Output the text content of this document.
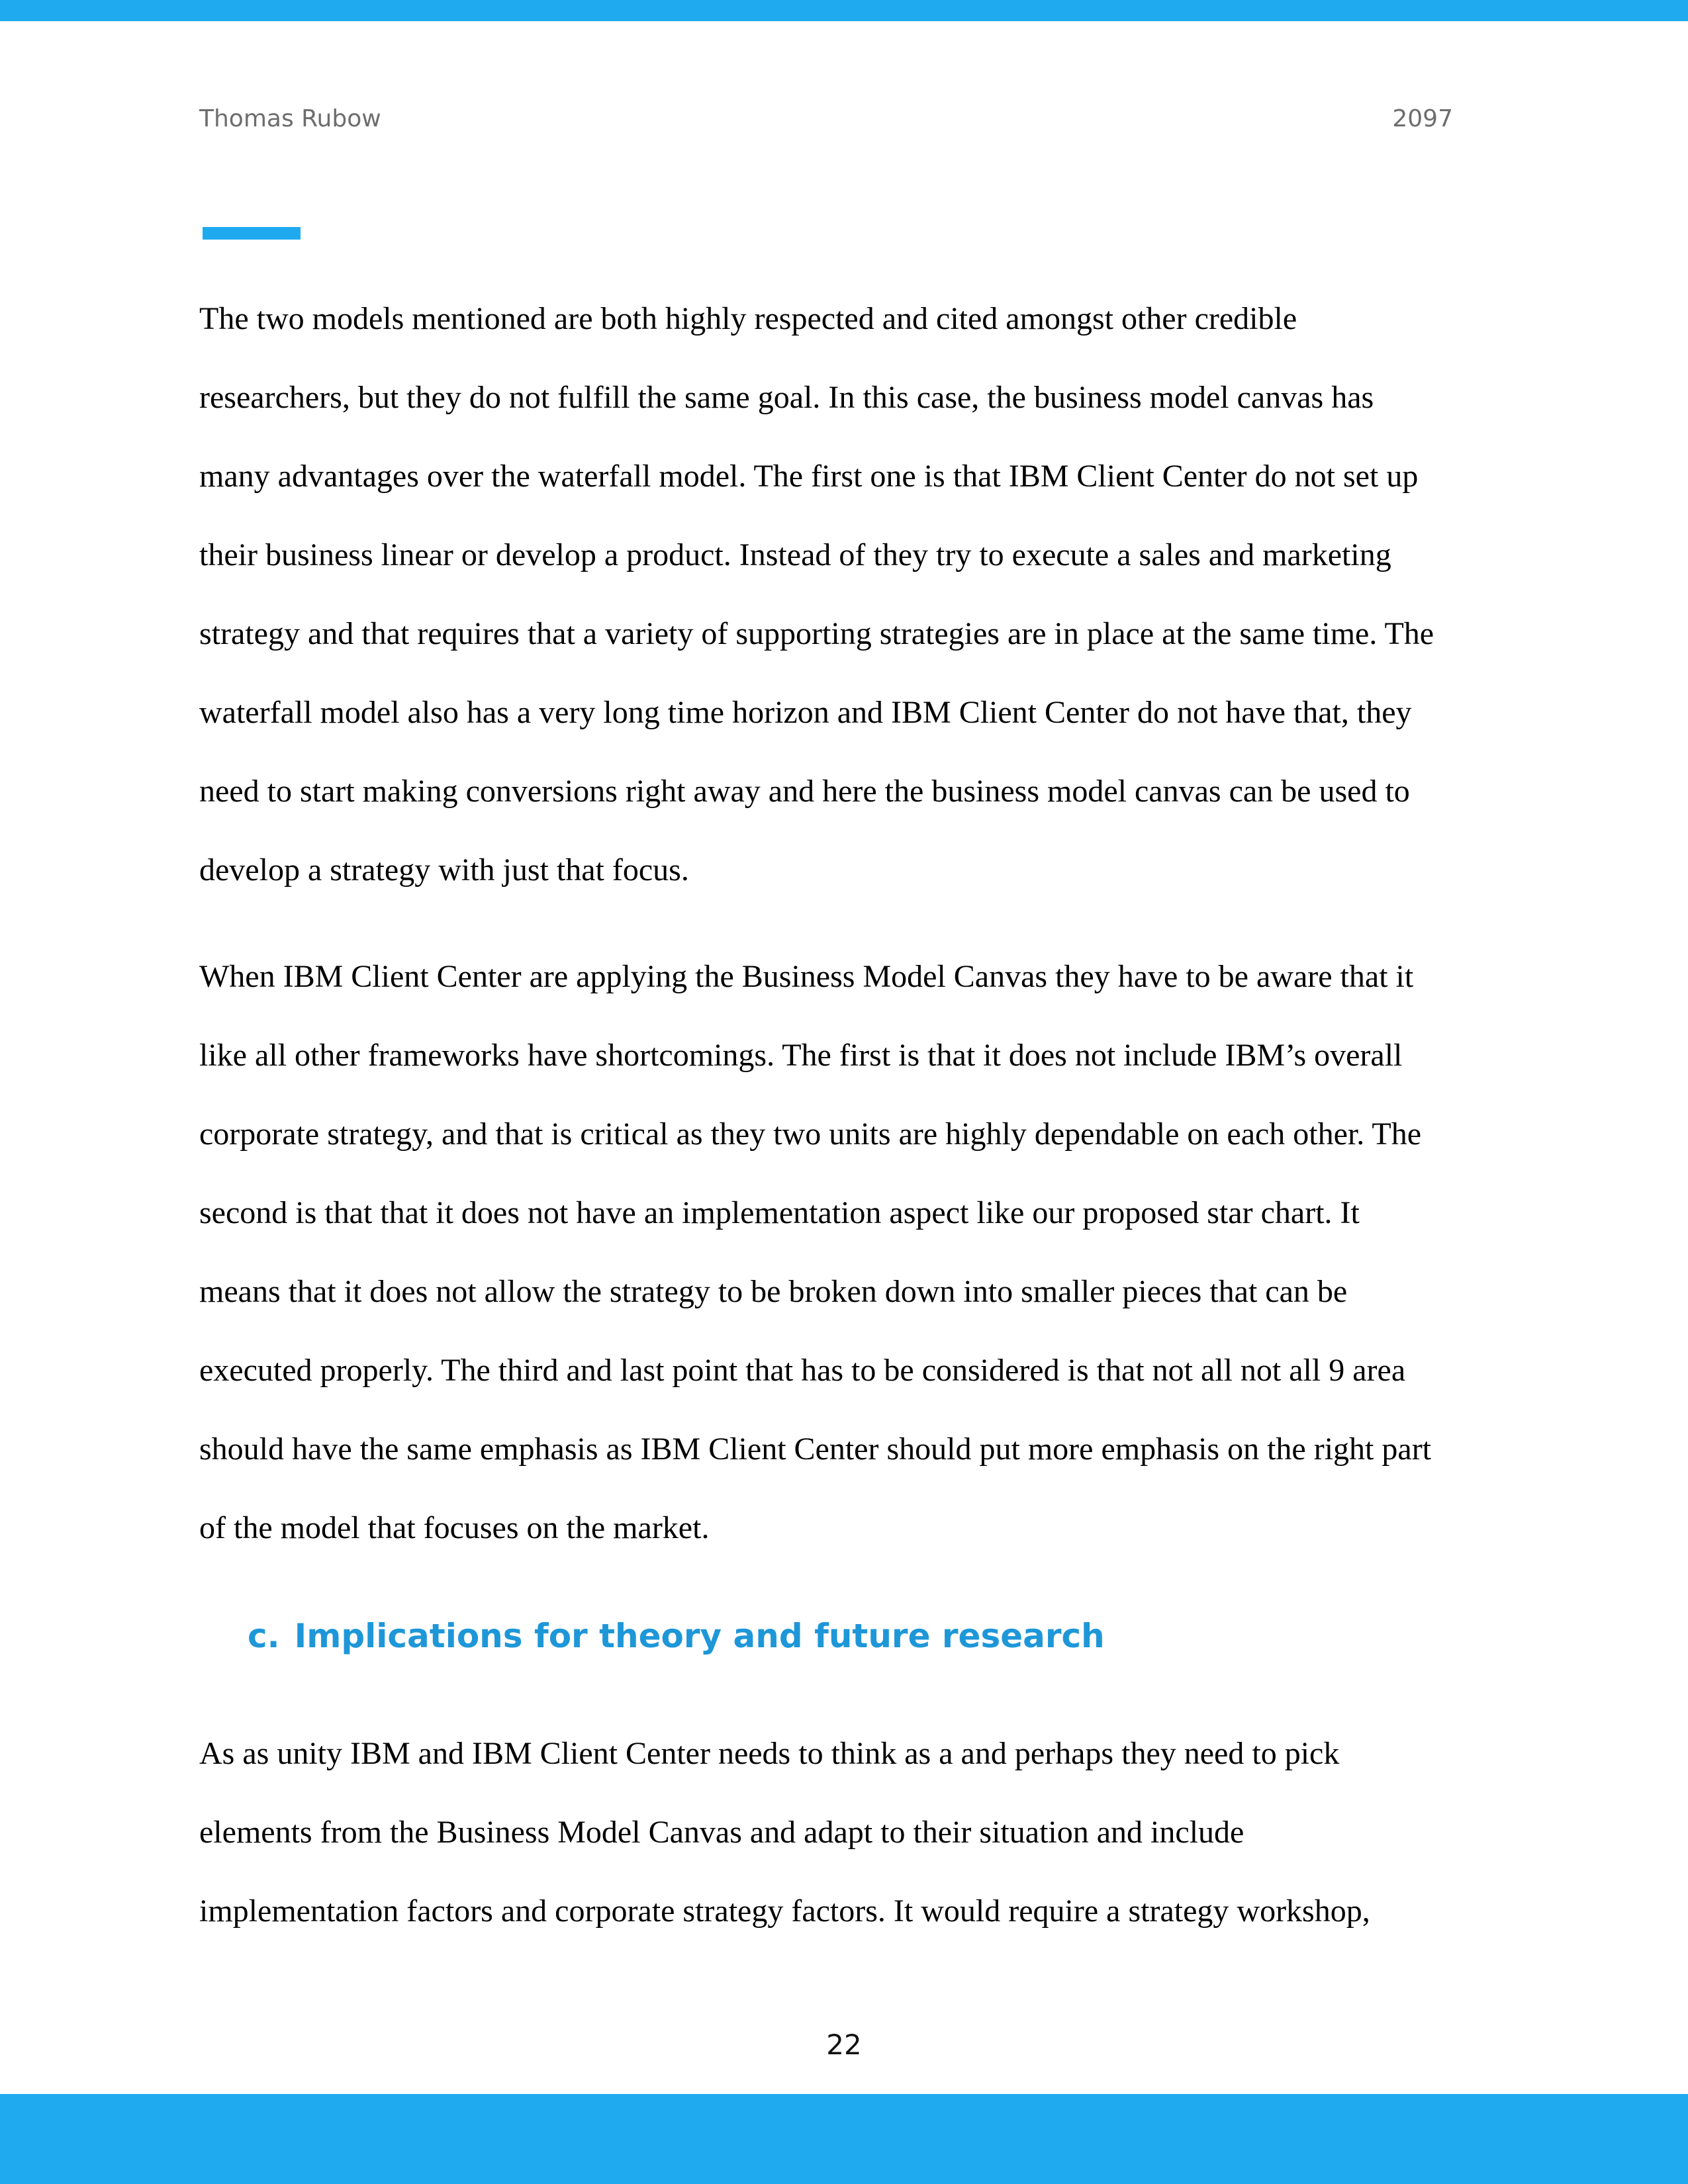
Thomas Rubow	2097

The two models mentioned are both highly respected and cited amongst other credible
researchers, but they do not fulfill the same goal. In this case, the business model canvas has
many advantages over the waterfall model. The first one is that IBM Client Center do not set up
their business linear or develop a product. Instead of they try to execute a sales and marketing
strategy and that requires that a variety of supporting strategies are in place at the same time. The
waterfall model also has a very long time horizon and IBM Client Center do not have that, they
need to start making conversions right away and here the business model canvas can be used to
develop a strategy with just that focus.

When IBM Client Center are applying the Business Model Canvas they have to be aware that it
like all other frameworks have shortcomings. The first is that it does not include IBM’s overall
corporate strategy, and that is critical as they two units are highly dependable on each other. The
second is that that it does not have an implementation aspect like our proposed star chart. It
means that it does not allow the strategy to be broken down into smaller pieces that can be
executed properly. The third and last point that has to be considered is that not all not all 9 area
should have the same emphasis as IBM Client Center should put more emphasis on the right part
of the model that focuses on the market.

c. Implications for theory and future research

As as unity IBM and IBM Client Center needs to think as a and perhaps they need to pick
elements from the Business Model Canvas and adapt to their situation and include
implementation factors and corporate strategy factors. It would require a strategy workshop,

22
